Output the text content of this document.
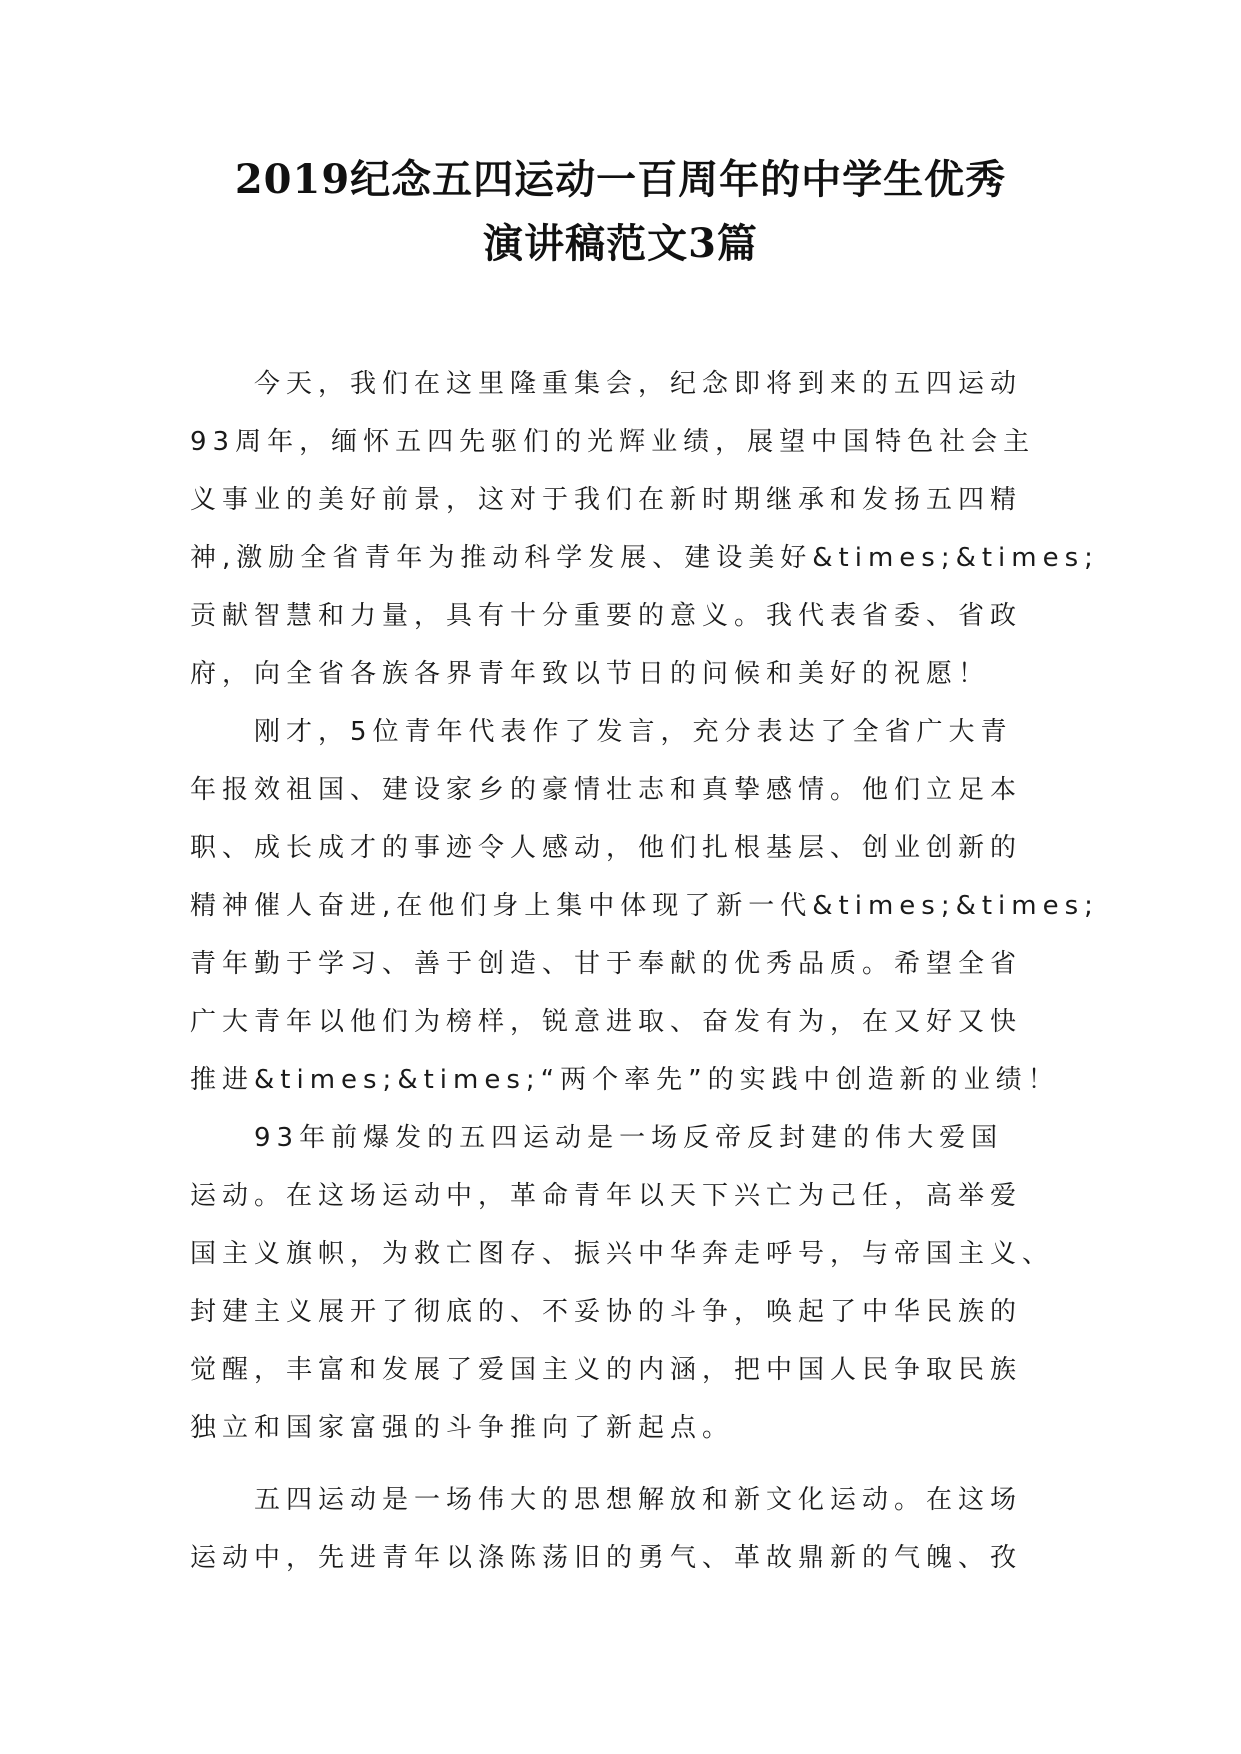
2019纪念五四运动一百周年的中学生优秀
演讲稿范文3篇

今天，我们在这里隆重集会，纪念即将到来的五四运动
93周年，缅怀五四先驱们的光辉业绩，展望中国特色社会主
义事业的美好前景，这对于我们在新时期继承和发扬五四精
神,激励全省青年为推动科学发展、建设美好&times;&times;
贡献智慧和力量，具有十分重要的意义。我代表省委、省政
府，向全省各族各界青年致以节日的问候和美好的祝愿！

刚才，5位青年代表作了发言，充分表达了全省广大青
年报效祖国、建设家乡的豪情壮志和真挚感情。他们立足本
职、成长成才的事迹令人感动，他们扎根基层、创业创新的
精神催人奋进,在他们身上集中体现了新一代&times;&times;
青年勤于学习、善于创造、甘于奉献的优秀品质。希望全省
广大青年以他们为榜样，锐意进取、奋发有为，在又好又快
推进&times;&times;“两个率先”的实践中创造新的业绩！

93年前爆发的五四运动是一场反帝反封建的伟大爱国
运动。在这场运动中，革命青年以天下兴亡为己任，高举爱
国主义旗帜，为救亡图存、振兴中华奔走呼号，与帝国主义、
封建主义展开了彻底的、不妥协的斗争，唤起了中华民族的
觉醒，丰富和发展了爱国主义的内涵，把中国人民争取民族
独立和国家富强的斗争推向了新起点。

五四运动是一场伟大的思想解放和新文化运动。在这场
运动中，先进青年以涤陈荡旧的勇气、革故鼎新的气魄、孜
